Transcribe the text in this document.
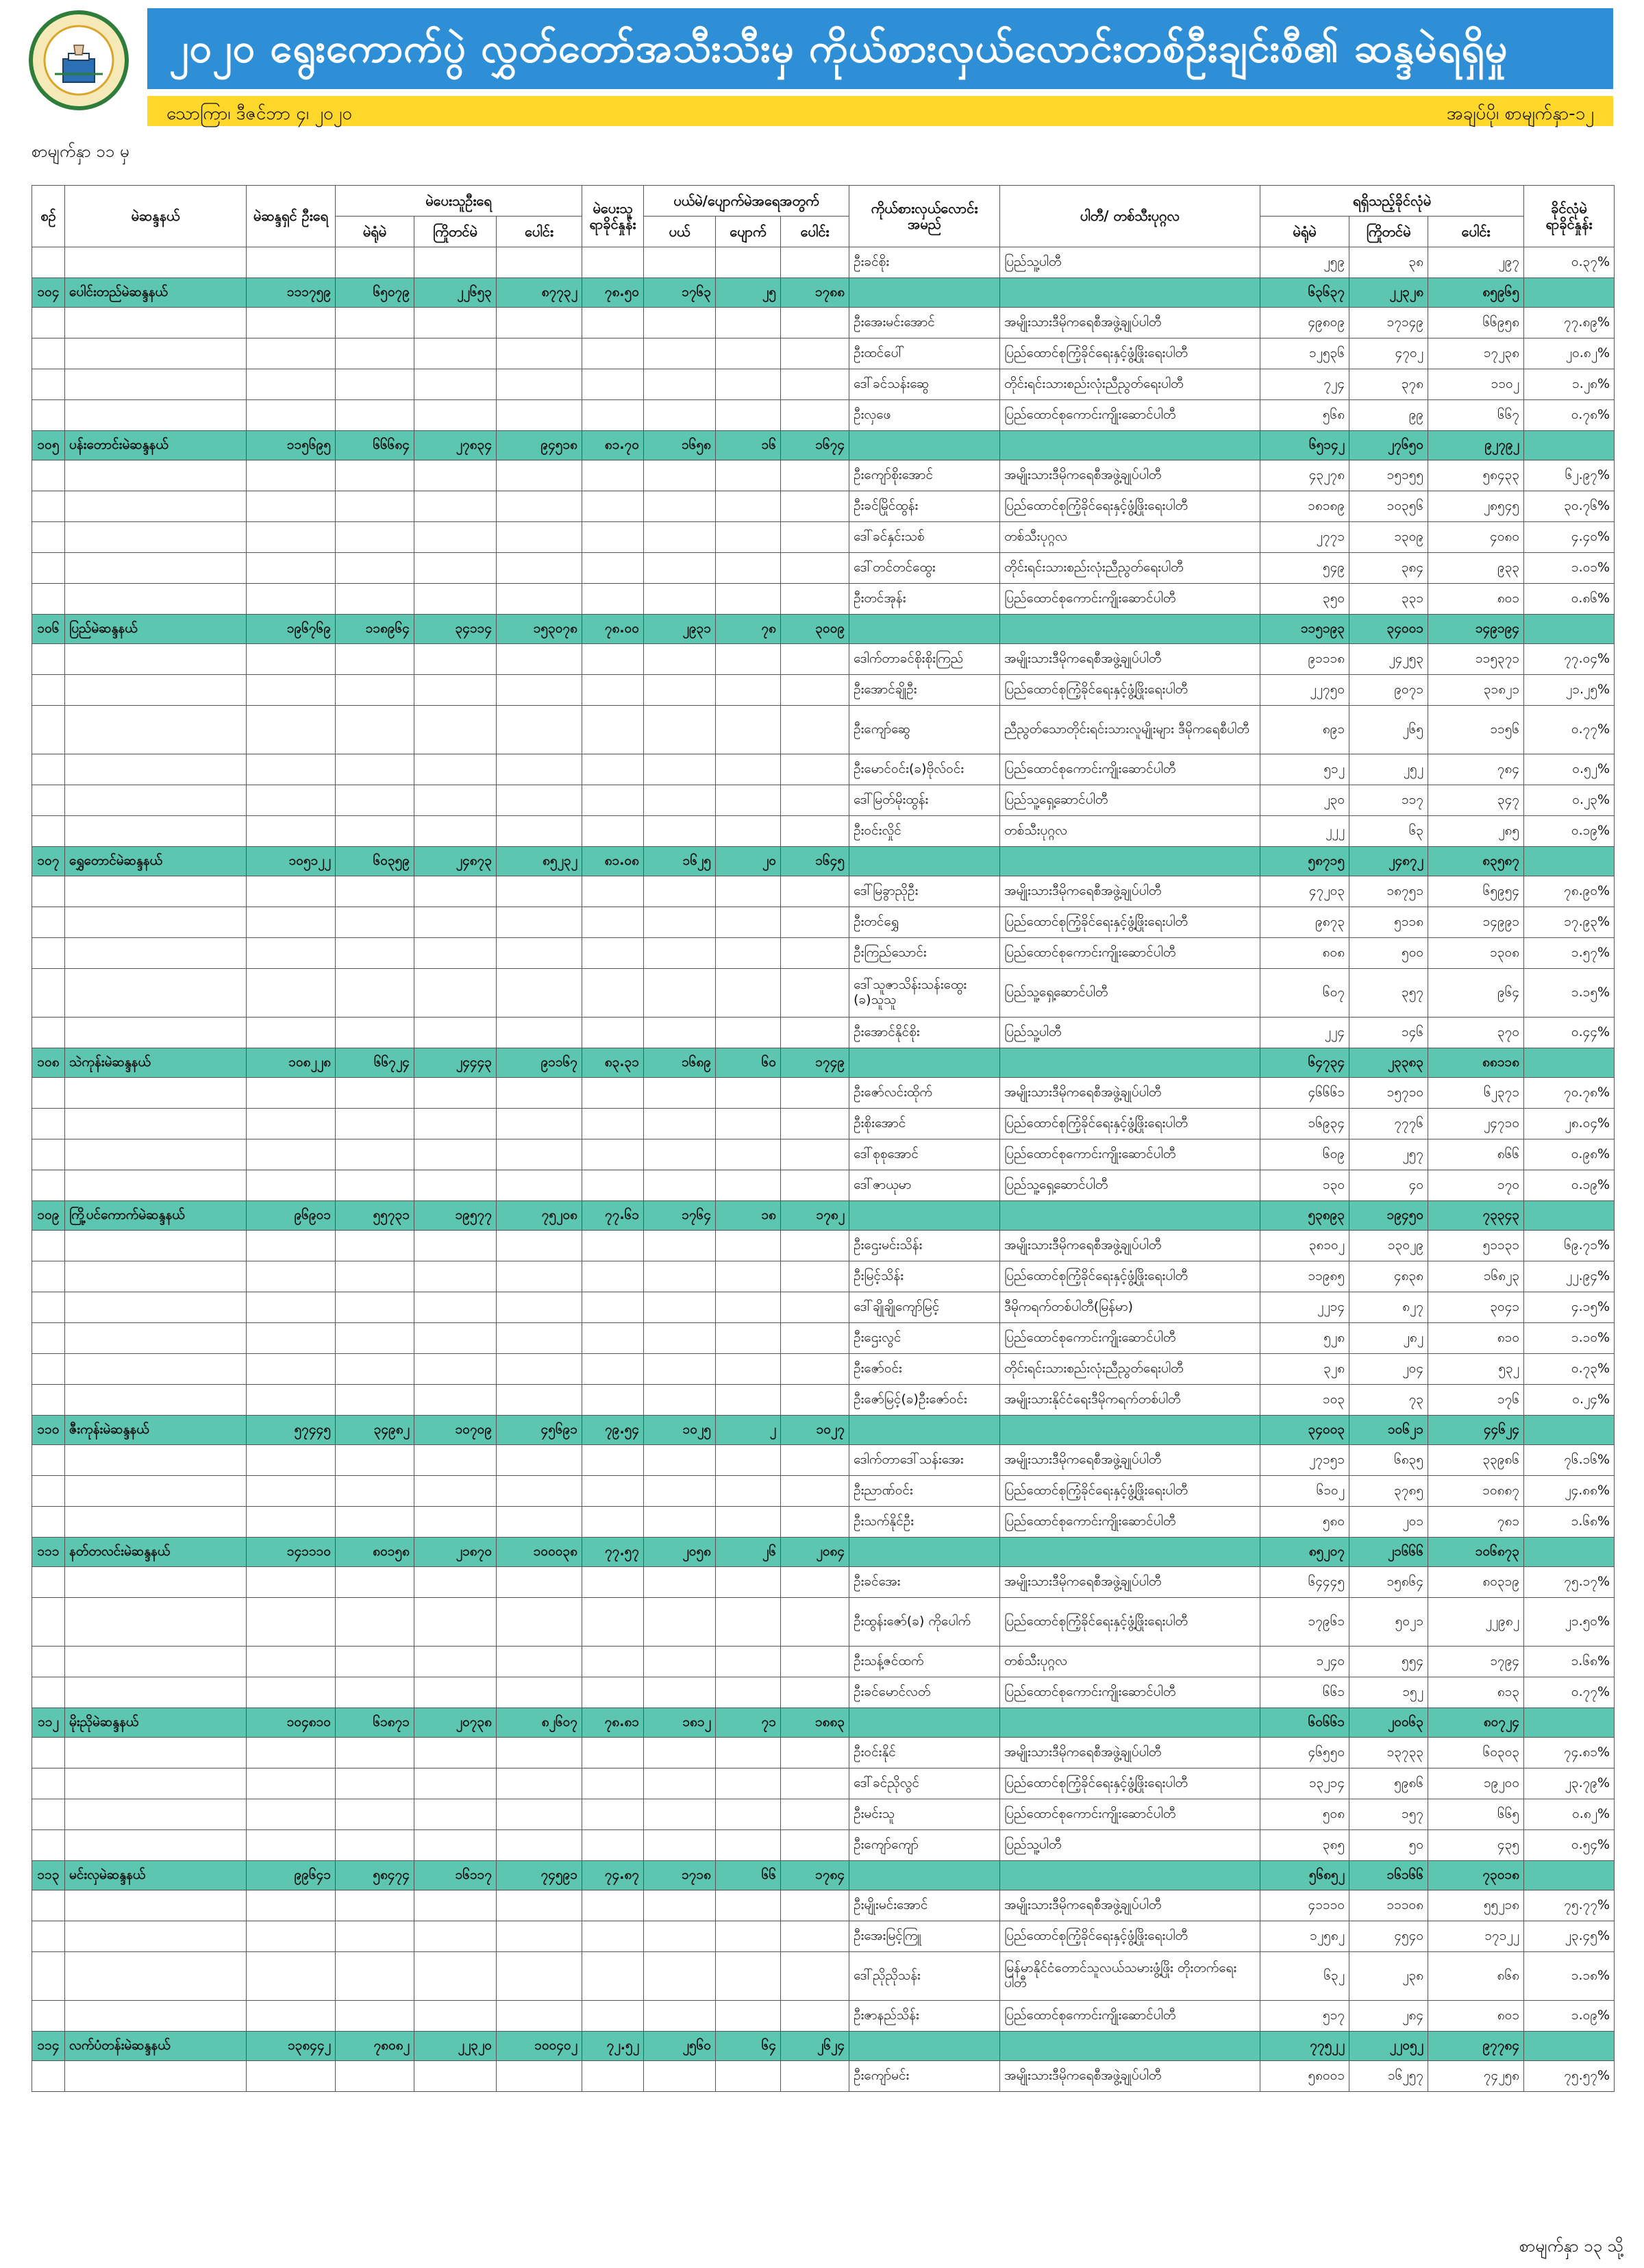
၂၀၂၀ ရွေးကောက်ပွဲ လွှတ်တော်အသီးသီးမှ ကိုယ်စားလှယ်လောင်းတစ်ဦးချင်းစီ၏ ဆန္ဒမဲရရှိမှု
သောကြာ၊ ဒီဇင်ဘာ ၄၊ ၂၀၂၀	အချပ်ပို၊ စာမျက်နှာ-၁၂
စာမျက်နှာ ၁၁ မှ
စဉ်	မဲဆန္ဒနယ်	မဲဆန္ဒရှင် ဦးရေ	မဲပေးသူဦးရေ			မဲပေးသူ ရာခိုင်နှုန်း	ပယ်မဲ/ပျောက်မဲအရေအတွက်			ကိုယ်စားလှယ်လောင်း အမည်	ပါတီ/ တစ်သီးပုဂ္ဂလ	ရရှိသည့်ခိုင်လုံမဲ			ခိုင်လုံမဲ ရာခိုင်နှုန်း
			မဲရုံမဲ	ကြိုတင်မဲ	ပေါင်း		ပယ်	ပျောက်	ပေါင်း			မဲရုံမဲ	ကြိုတင်မဲ	ပေါင်း	
										ဦးခင်စိုး	ပြည်သူ့ပါတီ	၂၅၉	၃၈	၂၉၇	၀.၃၇%
၁၀၄	ပေါင်းတည်မဲဆန္ဒနယ်	၁၁၁၇၅၉	၆၅၀၇၉	၂၂၆၅၃	၈၇၇၃၂	၇၈.၅၀	၁၇၆၃	၂၅	၁၇၈၈			၆၃၆၃၇	၂၂၃၂၈	၈၅၉၆၅	
										ဦးအေးမင်းအောင်	အမျိုးသားဒီမိုကရေစီအဖွဲ့ချုပ်ပါတီ	၄၉၈၀၉	၁၇၁၄၉	၆၆၉၅၈	၇၇.၈၉%
										ဦးထင်ပေါ်	ပြည်ထောင်စုကြံ့ခိုင်ရေးနှင့်ဖွံ့ဖြိုးရေးပါတီ	၁၂၅၃၆	၄၇၀၂	၁၇၂၃၈	၂၀.၈၂%
										ဒေါ်ခင်သန်းဆွေ	တိုင်းရင်းသားစည်းလုံးညီညွတ်ရေးပါတီ	၇၂၄	၃၇၈	၁၁၀၂	၁.၂၈%
										ဦးလှဖေ	ပြည်ထောင်စုကောင်းကျိုးဆောင်ပါတီ	၅၆၈	၉၉	၆၆၇	၀.၇၈%
၁၀၅	ပန်းတောင်းမဲဆန္ဒနယ်	၁၁၅၆၉၅	၆၆၆၈၄	၂၇၈၃၄	၉၄၅၁၈	၈၁.၇၀	၁၆၅၈	၁၆	၁၆၇၄			၆၅၁၄၂	၂၇၆၅၀	၉၂၇၉၂	
										ဦးကျော်စိုးအောင်	အမျိုးသားဒီမိုကရေစီအဖွဲ့ချုပ်ပါတီ	၄၃၂၇၈	၁၅၁၅၅	၅၈၄၃၃	၆၂.၉၇%
										ဦးခင်မြိုင်ထွန်း	ပြည်ထောင်စုကြံ့ခိုင်ရေးနှင့်ဖွံ့ဖြိုးရေးပါတီ	၁၈၁၈၉	၁၀၃၅၆	၂၈၅၄၅	၃၀.၇၆%
										ဒေါ်ခင်နှင်းသစ်	တစ်သီးပုဂ္ဂလ	၂၇၇၁	၁၃၀၉	၄၀၈၀	၄.၄၀%
										ဒေါ်တင်တင်ထွေး	တိုင်းရင်းသားစည်းလုံးညီညွတ်ရေးပါတီ	၅၄၉	၃၈၄	၉၃၃	၁.၀၁%
										ဦးတင်အုန်း	ပြည်ထောင်စုကောင်းကျိုးဆောင်ပါတီ	၃၅၀	၃၃၁	၈၀၁	၀.၈၆%
၁၀၆	ပြည်မဲဆန္ဒနယ်	၁၉၆၇၆၉	၁၁၈၉၆၄	၃၄၁၁၄	၁၅၃၀၇၈	၇၈.၀၀	၂၉၃၁	၇၈	၃၀၀၉			၁၁၅၁၉၃	၃၄၀၀၁	၁၄၉၁၉၄	
										ဒေါက်တာခင်စိုးစိုးကြည်	အမျိုးသားဒီမိုကရေစီအဖွဲ့ချုပ်ပါတီ	၉၁၁၁၈	၂၄၂၅၃	၁၁၅၃၇၁	၇၇.၀၄%
										ဦးအောင်ချိုဦး	ပြည်ထောင်စုကြံ့ခိုင်ရေးနှင့်ဖွံ့ဖြိုးရေးပါတီ	၂၂၇၅၀	၉၀၇၁	၃၁၈၂၁	၂၁.၂၅%
										ဦးကျော်ဆွေ	ညီညွတ်သောတိုင်းရင်းသားလူမျိုးများ ဒီမိုကရေစီပါတီ	၈၉၁	၂၆၅	၁၁၅၆	၀.၇၇%
										ဦးမောင်ဝင်း(ခ)ဗိုလ်ဝင်း	ပြည်ထောင်စုကောင်းကျိုးဆောင်ပါတီ	၅၁၂	၂၅၂	၇၈၄	၀.၅၂%
										ဒေါ်မြတ်မိုးထွန်း	ပြည်သူ့ရှေ့ဆောင်ပါတီ	၂၃၀	၁၁၇	၃၄၇	၀.၂၃%
										ဦးဝင်းလှိုင်	တစ်သီးပုဂ္ဂလ	၂၂၂	၆၃	၂၈၅	၀.၁၉%
၁၀၇	ရွှေတောင်မဲဆန္ဒနယ်	၁၀၅၁၂၂	၆၀၃၅၉	၂၄၈၇၃	၈၅၂၃၂	၈၁.၀၈	၁၆၂၅	၂၀	၁၆၄၅			၅၈၇၁၅	၂၄၈၇၂	၈၃၅၈၇	
										ဒေါ်မြခွာညိုဦး	အမျိုးသားဒီမိုကရေစီအဖွဲ့ချုပ်ပါတီ	၄၇၂၀၃	၁၈၇၅၁	၆၅၉၅၄	၇၈.၉၀%
										ဦးတင်ရွှေ	ပြည်ထောင်စုကြံ့ခိုင်ရေးနှင့်ဖွံ့ဖြိုးရေးပါတီ	၉၈၇၃	၅၁၁၈	၁၄၉၉၁	၁၇.၉၃%
										ဦးကြည်သောင်း	ပြည်ထောင်စုကောင်းကျိုးဆောင်ပါတီ	၈၀၈	၅၀၀	၁၃၀၈	၁.၅၇%
										ဒေါ်သူဇာသိန်းသန်းထွေး (ခ)သူသူ	ပြည်သူ့ရှေ့ဆောင်ပါတီ	၆၀၇	၃၅၇	၉၆၄	၁.၁၅%
										ဦးအောင်နိုင်စိုး	ပြည်သူ့ပါတီ	၂၂၄	၁၄၆	၃၇၀	၀.၄၄%
၁၀၈	သဲကုန်းမဲဆန္ဒနယ်	၁၀၈၂၂၈	၆၆၇၂၄	၂၄၄၄၃	၉၁၁၆၇	၈၃.၃၁	၁၆၈၉	၆၀	၁၇၄၉			၆၄၇၃၄	၂၃၃၈၃	၈၈၁၁၈	
										ဦးဇော်လင်းထိုက်	အမျိုးသားဒီမိုကရေစီအဖွဲ့ချုပ်ပါတီ	၄၆၆၆၁	၁၅၇၁၀	၆၂၃၇၁	၇၀.၇၈%
										ဦးစိုးအောင်	ပြည်ထောင်စုကြံ့ခိုင်ရေးနှင့်ဖွံ့ဖြိုးရေးပါတီ	၁၆၉၃၄	၇၇၇၆	၂၄၇၁၀	၂၈.၀၄%
										ဒေါ်စုစုအောင်	ပြည်ထောင်စုကောင်းကျိုးဆောင်ပါတီ	၆၀၉	၂၅၇	၈၆၆	၀.၉၈%
										ဒေါ်ဇာယုမာ	ပြည်သူ့ရှေ့ဆောင်ပါတီ	၁၃၀	၄၀	၁၇၀	၀.၁၉%
၁၀၉	ကြို့ပင်ကောက်မဲဆန္ဒနယ်	၉၆၉၀၁	၅၅၇၃၁	၁၉၅၇၇	၇၅၂၀၈	၇၇.၆၁	၁၇၆၄	၁၈	၁၇၈၂			၅၃၈၉၃	၁၉၄၅၀	၇၃၃၄၃	
										ဦးဌေးမင်းသိန်း	အမျိုးသားဒီမိုကရေစီအဖွဲ့ချုပ်ပါတီ	၃၈၁၀၂	၁၃၀၂၉	၅၁၁၃၁	၆၉.၇၁%
										ဦးမြင့်သိန်း	ပြည်ထောင်စုကြံ့ခိုင်ရေးနှင့်ဖွံ့ဖြိုးရေးပါတီ	၁၁၉၈၅	၄၈၃၈	၁၆၈၂၃	၂၂.၉၄%
										ဒေါ်ချိုချိုကျော်မြင့်	ဒီမိုကရက်တစ်ပါတီ(မြန်မာ)	၂၂၁၄	၈၂၇	၃၀၄၁	၄.၁၅%
										ဦးဌေးလွင်	ပြည်ထောင်စုကောင်းကျိုးဆောင်ပါတီ	၅၂၈	၂၈၂	၈၁၀	၁.၁၀%
										ဦးဇော်ဝင်း	တိုင်းရင်းသားစည်းလုံးညီညွတ်ရေးပါတီ	၃၂၈	၂၀၄	၅၃၂	၀.၇၃%
										ဦးဇော်မြင့်(ခ)ဦးဇော်ဝင်း	အမျိုးသားနိုင်ငံရေးဒီမိုကရက်တစ်ပါတီ	၁၀၃	၇၃	၁၇၆	၀.၂၄%
၁၁၀	ဇီးကုန်းမဲဆန္ဒနယ်	၅၇၄၄၅	၃၄၉၈၂	၁၀၇၀၉	၄၅၆၉၁	၇၉.၅၄	၁၀၂၅	၂	၁၀၂၇			၃၄၀၀၃	၁၀၆၂၁	၄၄၆၂၄	
										ဒေါက်တာဒေါ်သန်းအေး	အမျိုးသားဒီမိုကရေစီအဖွဲ့ချုပ်ပါတီ	၂၇၁၅၁	၆၈၃၅	၃၃၉၈၆	၇၆.၁၆%
										ဦးညာဏ်ဝင်း	ပြည်ထောင်စုကြံ့ခိုင်ရေးနှင့်ဖွံ့ဖြိုးရေးပါတီ	၆၁၀၂	၃၇၈၅	၁၀၈၈၇	၂၄.၈၈%
										ဦးသက်နိုင်ဦး	ပြည်ထောင်စုကောင်းကျိုးဆောင်ပါတီ	၅၈၀	၂၀၁	၇၈၁	၁.၆၈%
၁၁၁	နတ်တလင်းမဲဆန္ဒနယ်	၁၄၁၁၁၀	၈၀၁၅၈	၂၁၈၇၀	၁၀၀၀၃၈	၇၇.၅၇	၂၀၅၈	၂၆	၂၀၈၄			၈၅၂၀၇	၂၁၆၆၆	၁၀၆၈၇၃	
										ဦးခင်အေး	အမျိုးသားဒီမိုကရေစီအဖွဲ့ချုပ်ပါတီ	၆၄၄၄၅	၁၅၈၆၄	၈၀၃၁၉	၇၅.၁၇%
										ဦးထွန်းဇော်(ခ) ကိုပေါက်	ပြည်ထောင်စုကြံ့ခိုင်ရေးနှင့်ဖွံ့ဖြိုးရေးပါတီ	၁၇၉၆၁	၅၀၂၁	၂၂၉၈၂	၂၁.၅၀%
										ဦးသန့်ဇင်ထက်	တစ်သီးပုဂ္ဂလ	၁၂၄၀	၅၅၄	၁၇၉၄	၁.၆၈%
										ဦးခင်မောင်လတ်	ပြည်ထောင်စုကောင်းကျိုးဆောင်ပါတီ	၆၆၁	၁၅၂	၈၁၃	၀.၇၇%
၁၁၂	မိုးညိုမဲဆန္ဒနယ်	၁၀၄၈၁၀	၆၁၈၇၁	၂၀၇၃၈	၈၂၆၀၇	၇၈.၈၁	၁၈၁၂	၇၁	၁၈၈၃			၆၀၆၆၁	၂၀၀၆၃	၈၀၇၂၄	
										ဦးဝင်းနိုင်	အမျိုးသားဒီမိုကရေစီအဖွဲ့ချုပ်ပါတီ	၄၆၅၅၀	၁၃၇၃၃	၆၀၃၀၃	၇၄.၈၁%
										ဒေါ်ခင်ညိုလွင်	ပြည်ထောင်စုကြံ့ခိုင်ရေးနှင့်ဖွံ့ဖြိုးရေးပါတီ	၁၃၂၁၄	၅၉၈၆	၁၉၂၀၀	၂၃.၇၉%
										ဦးမင်းသူ	ပြည်ထောင်စုကောင်းကျိုးဆောင်ပါတီ	၅၀၈	၁၅၇	၆၆၅	၀.၈၂%
										ဦးကျော်ကျော်	ပြည်သူ့ပါတီ	၃၈၅	၅၀	၄၃၅	၀.၅၄%
၁၁၃	မင်းလှမဲဆန္ဒနယ်	၉၉၆၄၁	၅၈၄၇၄	၁၆၁၁၇	၇၄၅၉၁	၇၄.၈၇	၁၇၁၈	၆၆	၁၇၈၄			၅၆၈၅၂	၁၆၁၆၆	၇၃၀၁၈	
										ဦးမျိုးမင်းအောင်	အမျိုးသားဒီမိုကရေစီအဖွဲ့ချုပ်ပါတီ	၄၁၁၁၀	၁၁၁၀၈	၅၅၂၁၈	၇၅.၇၇%
										ဦးအေးမြင့်ကြူ	ပြည်ထောင်စုကြံ့ခိုင်ရေးနှင့်ဖွံ့ဖြိုးရေးပါတီ	၁၂၅၈၂	၄၅၄၀	၁၇၁၂၂	၂၃.၄၅%
										ဒေါ်ညိုညိုသန်း	မြန်မာနိုင်ငံတောင်သူလယ်သမားဖွံ့ဖြိုး တိုးတက်ရေးပါတီ	၆၃၂	၂၃၈	၈၆၈	၁.၁၈%
										ဦးဇာနည်သိန်း	ပြည်ထောင်စုကောင်းကျိုးဆောင်ပါတီ	၅၁၇	၂၈၄	၈၀၁	၁.၀၉%
၁၁၄	လက်ပံတန်းမဲဆန္ဒနယ်	၁၃၈၄၄၂	၇၈၀၈၂	၂၂၃၂၀	၁၀၀၄၀၂	၇၂.၅၂	၂၅၆၀	၆၄	၂၆၂၄			၇၇၅၂၂	၂၂၀၅၂	၉၇၇၈၄	
										ဦးကျော်မင်း	အမျိုးသားဒီမိုကရေစီအဖွဲ့ချုပ်ပါတီ	၅၈၀၀၁	၁၆၂၅၇	၇၄၂၅၈	၇၅.၅၇%
စာမျက်နှာ ၁၃ သို့
